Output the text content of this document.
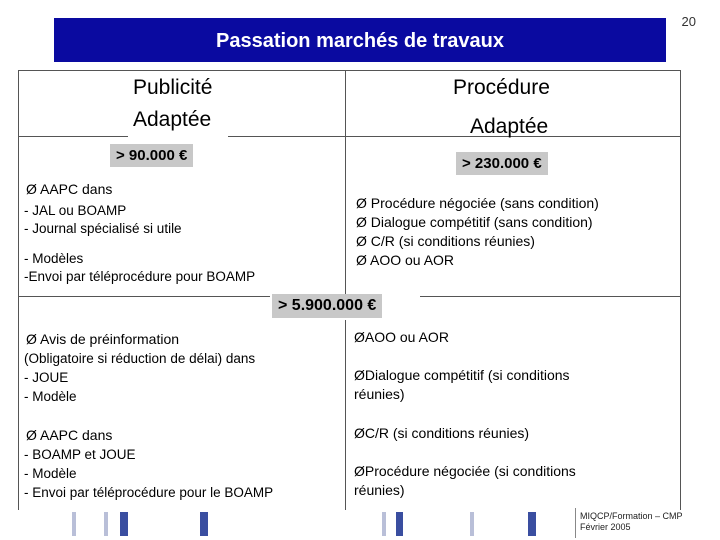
Passation marchés de travaux
20
Publicité
Adaptée
> 90.000 €
Procédure
Adaptée
> 230.000 €
Ø AAPC dans
- JAL ou BOAMP
- Journal spécialisé si utile
- Modèles
-Envoi par téléprocédure pour BOAMP
Ø Procédure négociée (sans condition)
Ø Dialogue compétitif (sans condition)
Ø C/R (si conditions réunies)
Ø AOO ou AOR
> 5.900.000 €
Ø Avis de préinformation
(Obligatoire si réduction de délai) dans
- JOUE
- Modèle
Ø AAPC dans
- BOAMP et JOUE
- Modèle
- Envoi par téléprocédure pour le BOAMP
ØAOO ou AOR
ØDialogue compétitif (si conditions
réunies)
ØC/R (si conditions réunies)
ØProcédure négociée (si conditions
réunies)
MIQCP/Formation – CMP
Février 2005
